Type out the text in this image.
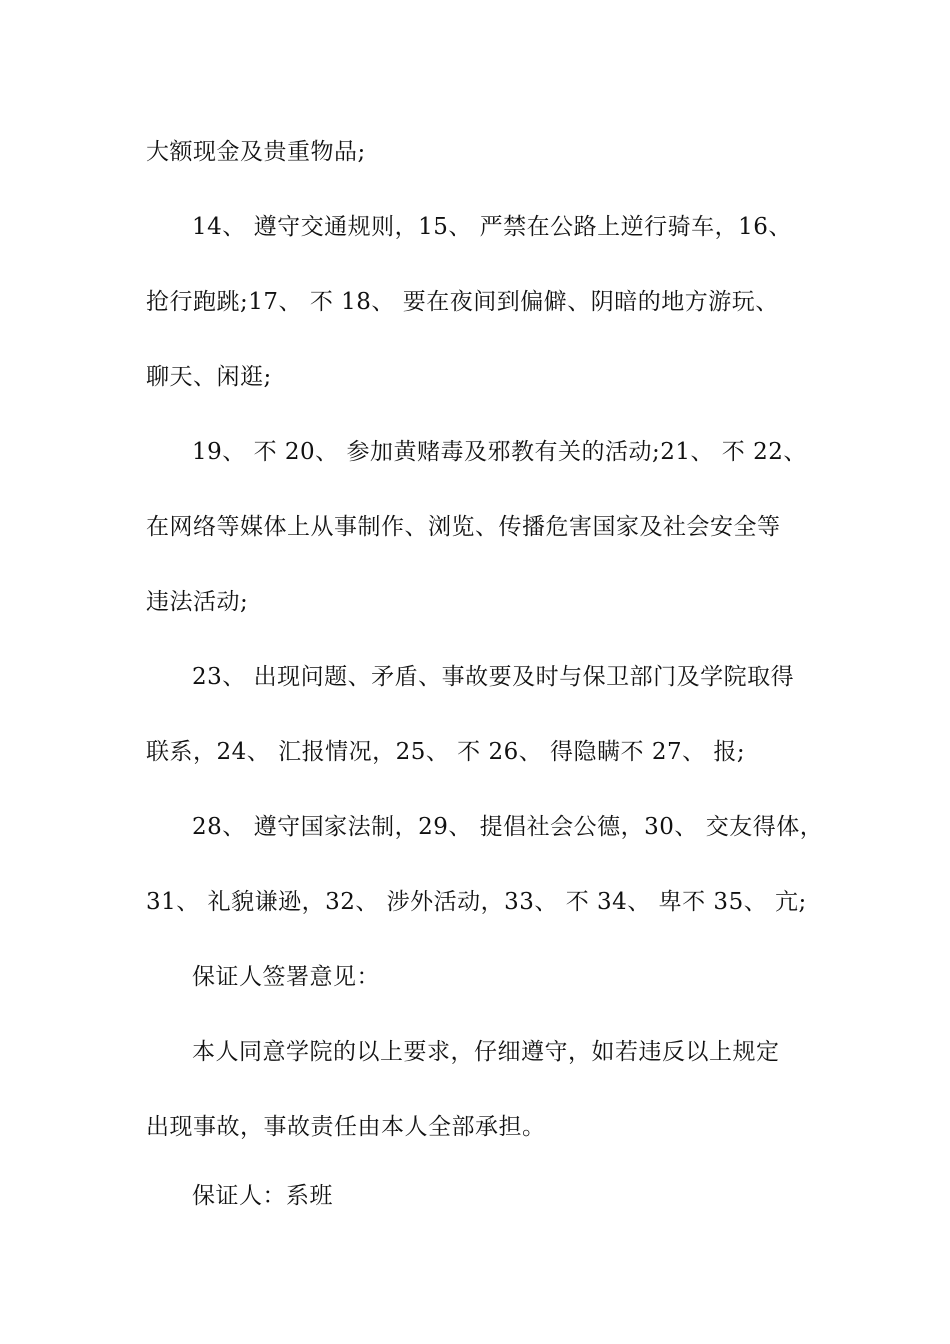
大额现金及贵重物品;
14、 遵守交通规则，15、 严禁在公路上逆行骑车，16、
抢行跑跳;17、 不 18、 要在夜间到偏僻、阴暗的地方游玩、
聊天、闲逛;
19、 不 20、 参加黄赌毒及邪教有关的活动;21、 不 22、
在网络等媒体上从事制作、浏览、传播危害国家及社会安全等
违法活动;
23、 出现问题、矛盾、事故要及时与保卫部门及学院取得
联系，24、 汇报情况，25、 不 26、 得隐瞒不 27、 报;
28、 遵守国家法制，29、 提倡社会公德，30、 交友得体，
31、 礼貌谦逊，32、 涉外活动，33、 不 34、 卑不 35、 亢;
保证人签署意见：
本人同意学院的以上要求，仔细遵守，如若违反以上规定
出现事故，事故责任由本人全部承担。
保证人：系班
